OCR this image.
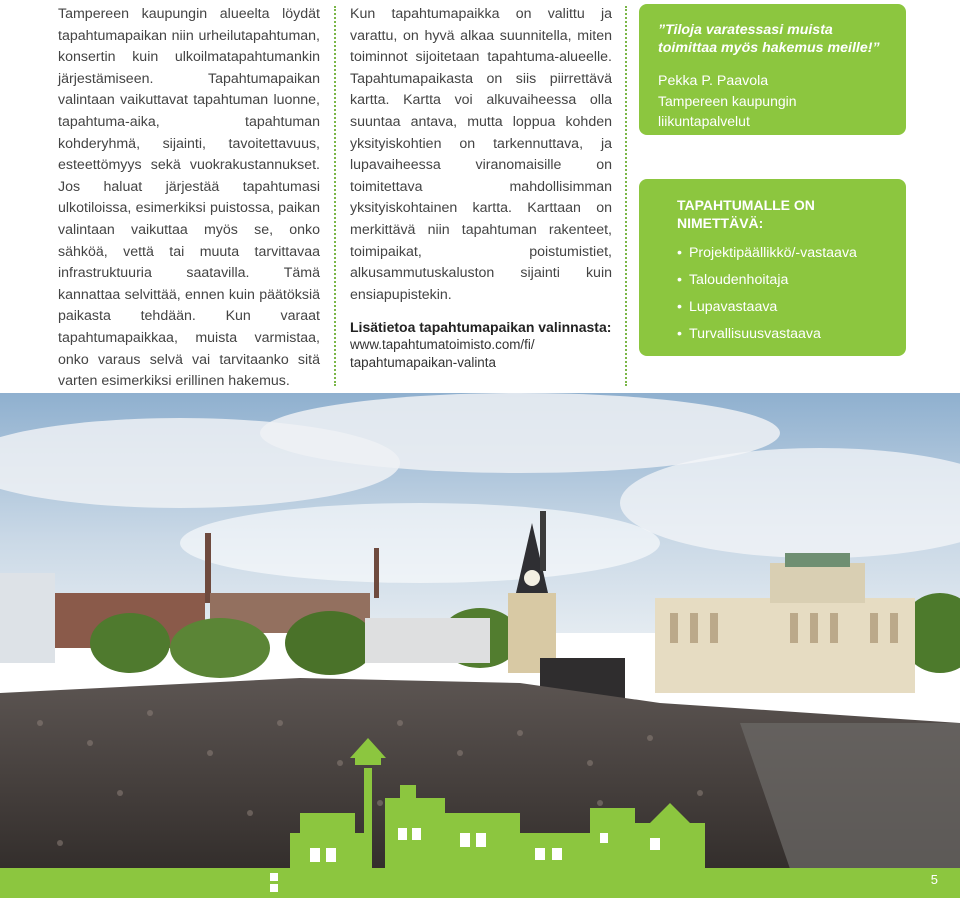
Tampereen kaupungin alueelta löydät tapahtumapaikan niin urheilutapahtuman, konsertin kuin ulkoilmatapahtumankin järjestämiseen. Tapahtumapaikan valintaan vaikuttavat tapahtuman luonne, tapahtuma-aika, tapahtuman kohderyhmä, sijainti, tavoitettavuus, esteettömyys sekä vuokrakustannukset. Jos haluat järjestää tapahtumasi ulkotiloissa, esimerkiksi puistossa, paikan valintaan vaikuttaa myös se, onko sähköä, vettä tai muuta tarvittavaa infrastruktuuria saatavilla. Tämä kannattaa selvittää, ennen kuin päätöksiä paikasta tehdään. Kun varaat tapahtumapaikkaa, muista varmistaa, onko varaus selvä vai tarvitaanko sitä varten esimerkiksi erillinen hakemus.

Kun tapahtumapaikka on valittu ja varattu, on hyvä alkaa suunnitella, miten toiminnot sijoitetaan tapahtuma-alueelle. Tapahtumapaikasta on siis piirrettävä kartta. Kartta voi alkuvaiheessa olla suuntaa antava, mutta loppua kohden yksityiskohtien on tarkennuttava, ja lupavaiheessa viranomaisille on toimitettava mahdollisimman yksityiskohtainen kartta. Karttaan on merkittävä niin tapahtuman rakenteet, toimipaikat, poistumistiet, alkusammutuskaluston sijainti kuin ensiapupistekin.

Lisätietoa tapahtumapaikan valinnasta:
www.tapahtumatoimisto.com/fi/
tapahtumapaikan-valinta
”Tiloja varatessasi muista toimittaa myös hakemus meille!”
Pekka P. Paavola
Tampereen kaupungin liikuntapalvelut
TAPAHTUMALLE ON NIMETTÄVÄ:
• Projektipäällikkö/-vastaava
• Taloudenhoitaja
• Lupavastaava
• Turvallisuusvastaava
5
